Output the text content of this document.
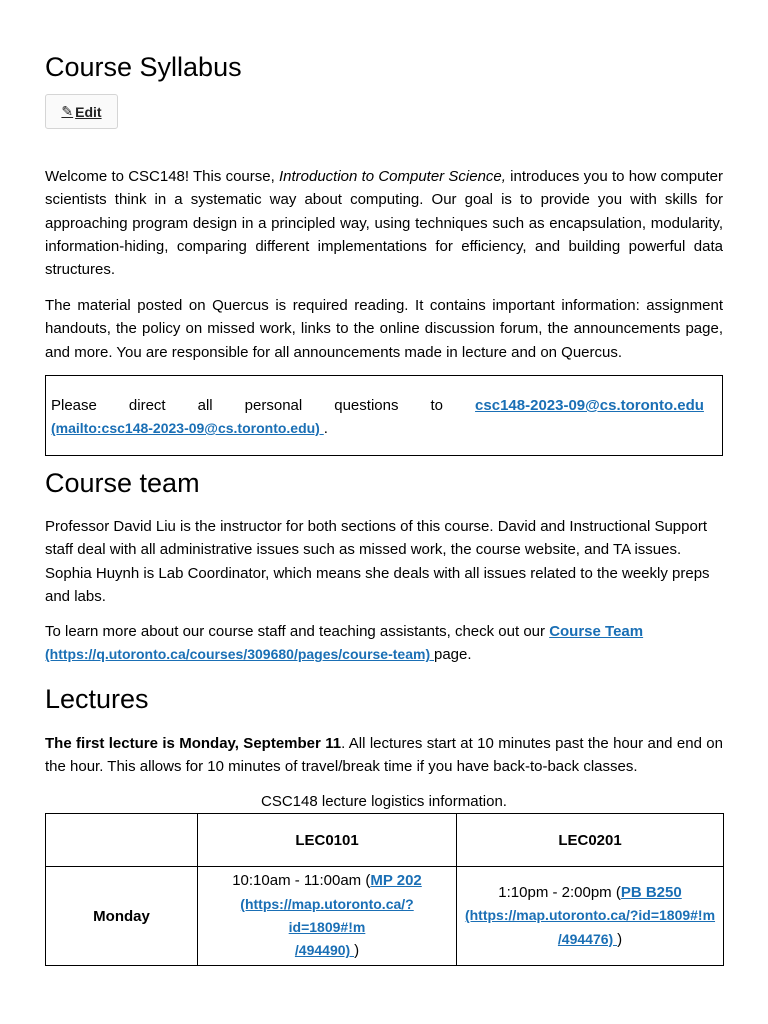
Course Syllabus
✎ Edit

Welcome to CSC148! This course, Introduction to Computer Science, introduces you to how computer scientists think in a systematic way about computing. Our goal is to provide you with skills for approaching program design in a principled way, using techniques such as encapsulation, modularity, information-hiding, comparing different implementations for efficiency, and building powerful data structures.

The material posted on Quercus is required reading. It contains important information: assignment handouts, the policy on missed work, links to the online discussion forum, the announcements page, and more. You are responsible for all announcements made in lecture and on Quercus.

Please direct all personal questions to csc148-2023-09@cs.toronto.edu
(mailto:csc148-2023-09@cs.toronto.edu) .
Course team

Professor David Liu is the instructor for both sections of this course. David and Instructional Support staff deal with all administrative issues such as missed work, the course website, and TA issues. Sophia Huynh is Lab Coordinator, which means she deals with all issues related to the weekly preps and labs.

To learn more about our course staff and teaching assistants, check out our Course Team
(https://q.utoronto.ca/courses/309680/pages/course-team) page.

Lectures

The first lecture is Monday, September 11. All lectures start at 10 minutes past the hour and end on the hour. This allows for 10 minutes of travel/break time if you have back-to-back classes.

CSC148 lecture logistics information.
	LEC0101	LEC0201
Monday	10:10am - 11:00am (MP 202
(https://map.utoronto.ca/?id=1809#!m
/494490) )	1:10pm - 2:00pm (PB B250
(https://map.utoronto.ca/?id=1809#!m
/494476) )
